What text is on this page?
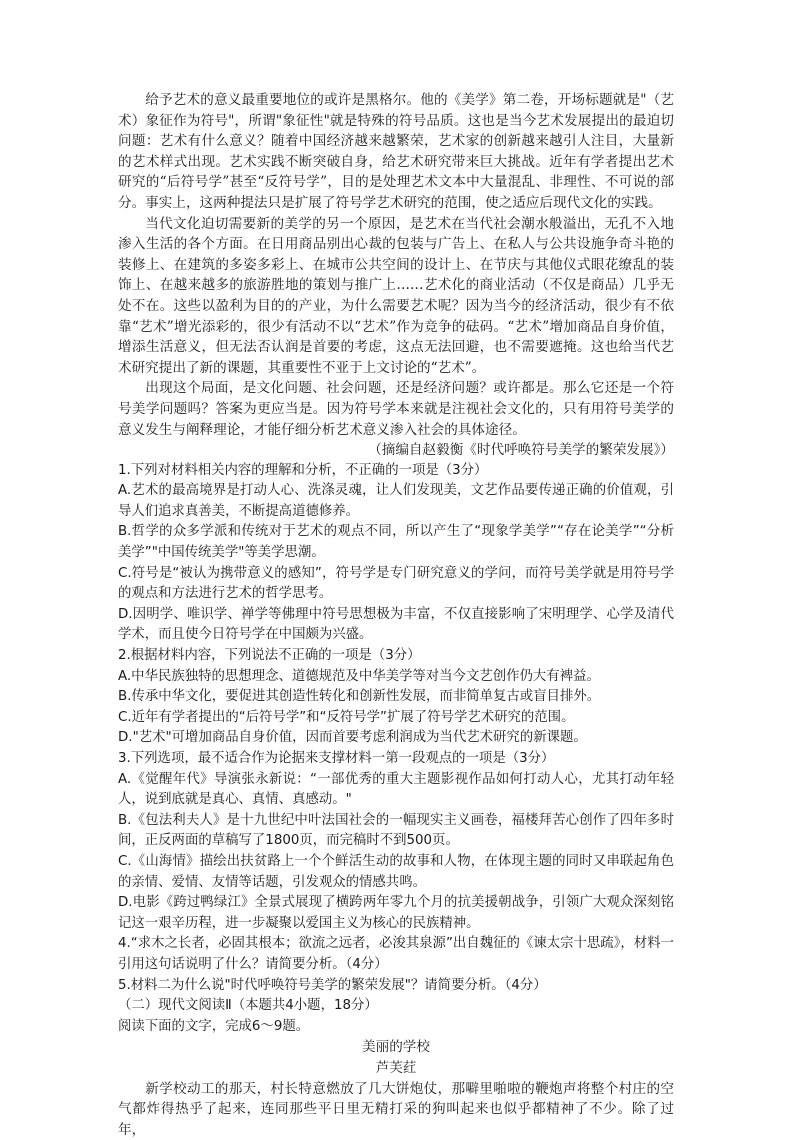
给予艺术的意义最重要地位的或许是黑格尔。他的《美学》第二卷，开场标题就是"（艺术）象征作为符号"，所谓"象征性"就是特殊的符号品质。这也是当今艺术发展提出的最迫切问题：艺术有什么意义？随着中国经济越来越繁荣，艺术家的创新越来越引人注目，大量新的艺术样式出现。艺术实践不断突破自身，给艺术研究带来巨大挑战。近年有学者提出艺术研究的“后符号学”甚至“反符号学”，目的是处理艺术文本中大量混乱、非理性、不可说的部分。事实上，这两种提法只是扩展了符号学艺术研究的范围，使之适应后现代文化的实践。

当代文化迫切需要新的美学的另一个原因，是艺术在当代社会潮水般溢出，无孔不入地渗入生活的各个方面。在日用商品别出心裁的包装与广告上、在私人与公共设施争奇斗艳的装修上、在建筑的多姿多彩上、在城市公共空间的设计上、在节庆与其他仪式眼花缭乱的装饰上、在越来越多的旅游胜地的策划与推广上……艺术化的商业活动（不仅是商品）几乎无处不在。这些以盈利为目的的产业，为什么需要艺术呢？因为当今的经济活动，很少有不依靠“艺术”增光添彩的，很少有活动不以“艺术”作为竞争的砝码。“艺术”增加商品自身价值，增添生活意义，但无法否认润是首要的考虑，这点无法回避，也不需要遮掩。这也给当代艺术研究提出了新的课题，其重要性不亚于上文讨论的“艺术”。

出现这个局面，是文化问题、社会问题，还是经济问题？或许都是。那么它还是一个符号美学问题吗？答案为更应当是。因为符号学本来就是注视社会文化的，只有用符号美学的意义发生与阐释理论，才能仔细分析艺术意义渗入社会的具体途径。

（摘编自赵毅衡《时代呼唤符号美学的繁荣发展》）

1.下列对材料相关内容的理解和分析，不正确的一项是（3分）

A.艺术的最高境界是打动人心、洗涤灵魂，让人们发现美，文艺作品要传递正确的价值观，引导人们追求真善美，不断提高道德修养。

B.哲学的众多学派和传统对于艺术的观点不同，所以产生了“现象学美学”“存在论美学”“分析美学”"中国传统美学"等美学思潮。

C.符号是“被认为携带意义的感知”，符号学是专门研究意义的学问，而符号美学就是用符号学的观点和方法进行艺术的哲学思考。

D.因明学、唯识学、禅学等佛理中符号思想极为丰富，不仅直接影响了宋明理学、心学及清代学术，而且使今日符号学在中国颇为兴盛。

2.根据材料内容，下列说法不正确的一项是（3分）

A.中华民族独特的思想理念、道德规范及中华美学等对当今文艺创作仍大有裨益。

B.传承中华文化，要促进其创造性转化和创新性发展，而非简单复古或盲目排外。

C.近年有学者提出的“后符号学”和“反符号学”扩展了符号学艺术研究的范围。

D."艺术"可增加商品自身价值，因而首要考虑利润成为当代艺术研究的新课题。

3.下列选项，最不适合作为论据来支撑材料一第一段观点的一项是（3分）

A.《觉醒年代》导演张永新说：“一部优秀的重大主题影视作品如何打动人心，尤其打动年轻人，说到底就是真心、真情、真感动。"

B.《包法利夫人》是十九世纪中叶法国社会的一幅现实主义画卷，福楼拜苦心创作了四年多时间，正反两面的草稿写了1800页，而完稿时不到500页。

C.《山海情》描绘出扶贫路上一个个鲜活生动的故事和人物，在体现主题的同时又串联起角色的亲情、爱情、友情等话题，引发观众的情感共鸣。

D.电影《跨过鸭绿江》全景式展现了横跨两年零九个月的抗美援朝战争，引领广大观众深刻铭记这一艰辛历程，进一步凝聚以爱国主义为核心的民族精神。

4.“求木之长者，必固其根本；欲流之远者，必浚其泉源”出自魏征的《谏太宗十思疏》，材料一引用这句话说明了什么？请简要分析。（4分）

5.材料二为什么说"时代呼唤符号美学的繁荣发展"？请简要分析。（4分）

（二）现代文阅读Ⅱ（本题共4小题，18分）

阅读下面的文字，完成6～9题。

美丽的学校

芦芙荭

新学校动工的那天，村长特意燃放了几大饼炮仗，那噼里啪啦的鞭炮声将整个村庄的空气都炸得热乎了起来，连同那些平日里无精打采的狗叫起来也似乎都精神了不少。除了过年，
